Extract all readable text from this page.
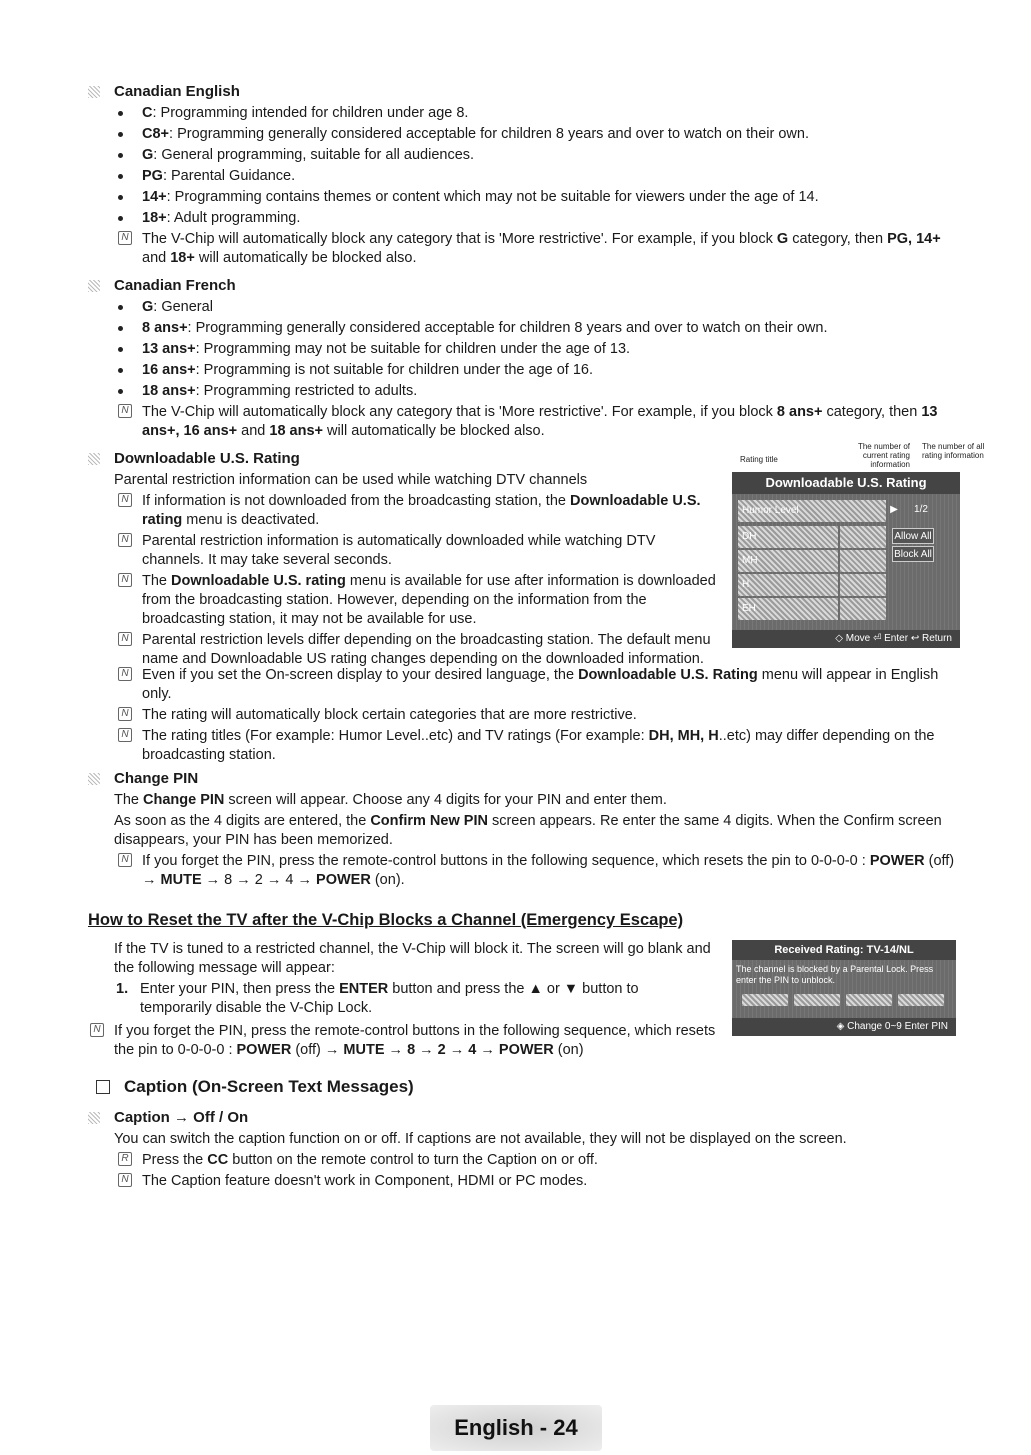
Canadian English
C: Programming intended for children under age 8.
C8+: Programming generally considered acceptable for children 8 years and over to watch on their own.
G: General programming, suitable for all audiences.
PG: Parental Guidance.
14+: Programming contains themes or content which may not be suitable for viewers under the age of 14.
18+: Adult programming.
N The V-Chip will automatically block any category that is 'More restrictive'. For example, if you block G category, then PG, 14+ and 18+ will automatically be blocked also.
Canadian French
G: General
8 ans+: Programming generally considered acceptable for children 8 years and over to watch on their own.
13 ans+: Programming may not be suitable for children under the age of 13.
16 ans+: Programming is not suitable for children under the age of 16.
18 ans+: Programming restricted to adults.
N The V-Chip will automatically block any category that is 'More restrictive'. For example, if you block 8 ans+ category, then 13 ans+, 16 ans+ and 18 ans+ will automatically be blocked also.
Downloadable U.S. Rating
Parental restriction information can be used while watching DTV channels
N If information is not downloaded from the broadcasting station, the Downloadable U.S. rating menu is deactivated.
N Parental restriction information is automatically downloaded while watching DTV channels. It may take several seconds.
N The Downloadable U.S. rating menu is available for use after information is downloaded from the broadcasting station. However, depending on the information from the broadcasting station, it may not be available for use.
N Parental restriction levels differ depending on the broadcasting station. The default menu name and Downloadable US rating changes depending on the downloaded information.
N Even if you set the On-screen display to your desired language, the Downloadable U.S. Rating menu will appear in English only.
N The rating will automatically block certain categories that are more restrictive.
N The rating titles (For example: Humor Level..etc) and TV ratings (For example: DH, MH, H..etc) may differ depending on the broadcasting station.
Rating title
The number of current rating information
The number of all rating information
Downloadable U.S. Rating
Humor Level	▶	1/2
DH
MH
H
EH
Allow All
Block All
◇ Move ⏎ Enter ↩ Return
Change PIN
The Change PIN screen will appear. Choose any 4 digits for your PIN and enter them.
As soon as the 4 digits are entered, the Confirm New PIN screen appears. Re enter the same 4 digits. When the Confirm screen disappears, your PIN has been memorized.
N If you forget the PIN, press the remote-control buttons in the following sequence, which resets the pin to 0-0-0-0 : POWER (off) → MUTE → 8 → 2 → 4 → POWER (on).
How to Reset the TV after the V-Chip Blocks a Channel (Emergency Escape)
If the TV is tuned to a restricted channel, the V-Chip will block it. The screen will go blank and the following message will appear:
1. Enter your PIN, then press the ENTER button and press the ▲ or ▼ button to temporarily disable the V-Chip Lock.
N If you forget the PIN, press the remote-control buttons in the following sequence, which resets the pin to 0-0-0-0 : POWER (off) → MUTE → 8 → 2 → 4 → POWER (on)
Received Rating: TV-14/NL
The channel is blocked by a Parental Lock. Press enter the PIN to unblock.
◈ Change 0~9 Enter PIN
Caption (On-Screen Text Messages)
Caption → Off / On
You can switch the caption function on or off. If captions are not available, they will not be displayed on the screen.
R Press the CC button on the remote control to turn the Caption on or off.
N The Caption feature doesn't work in Component, HDMI or PC modes.
English - 24
